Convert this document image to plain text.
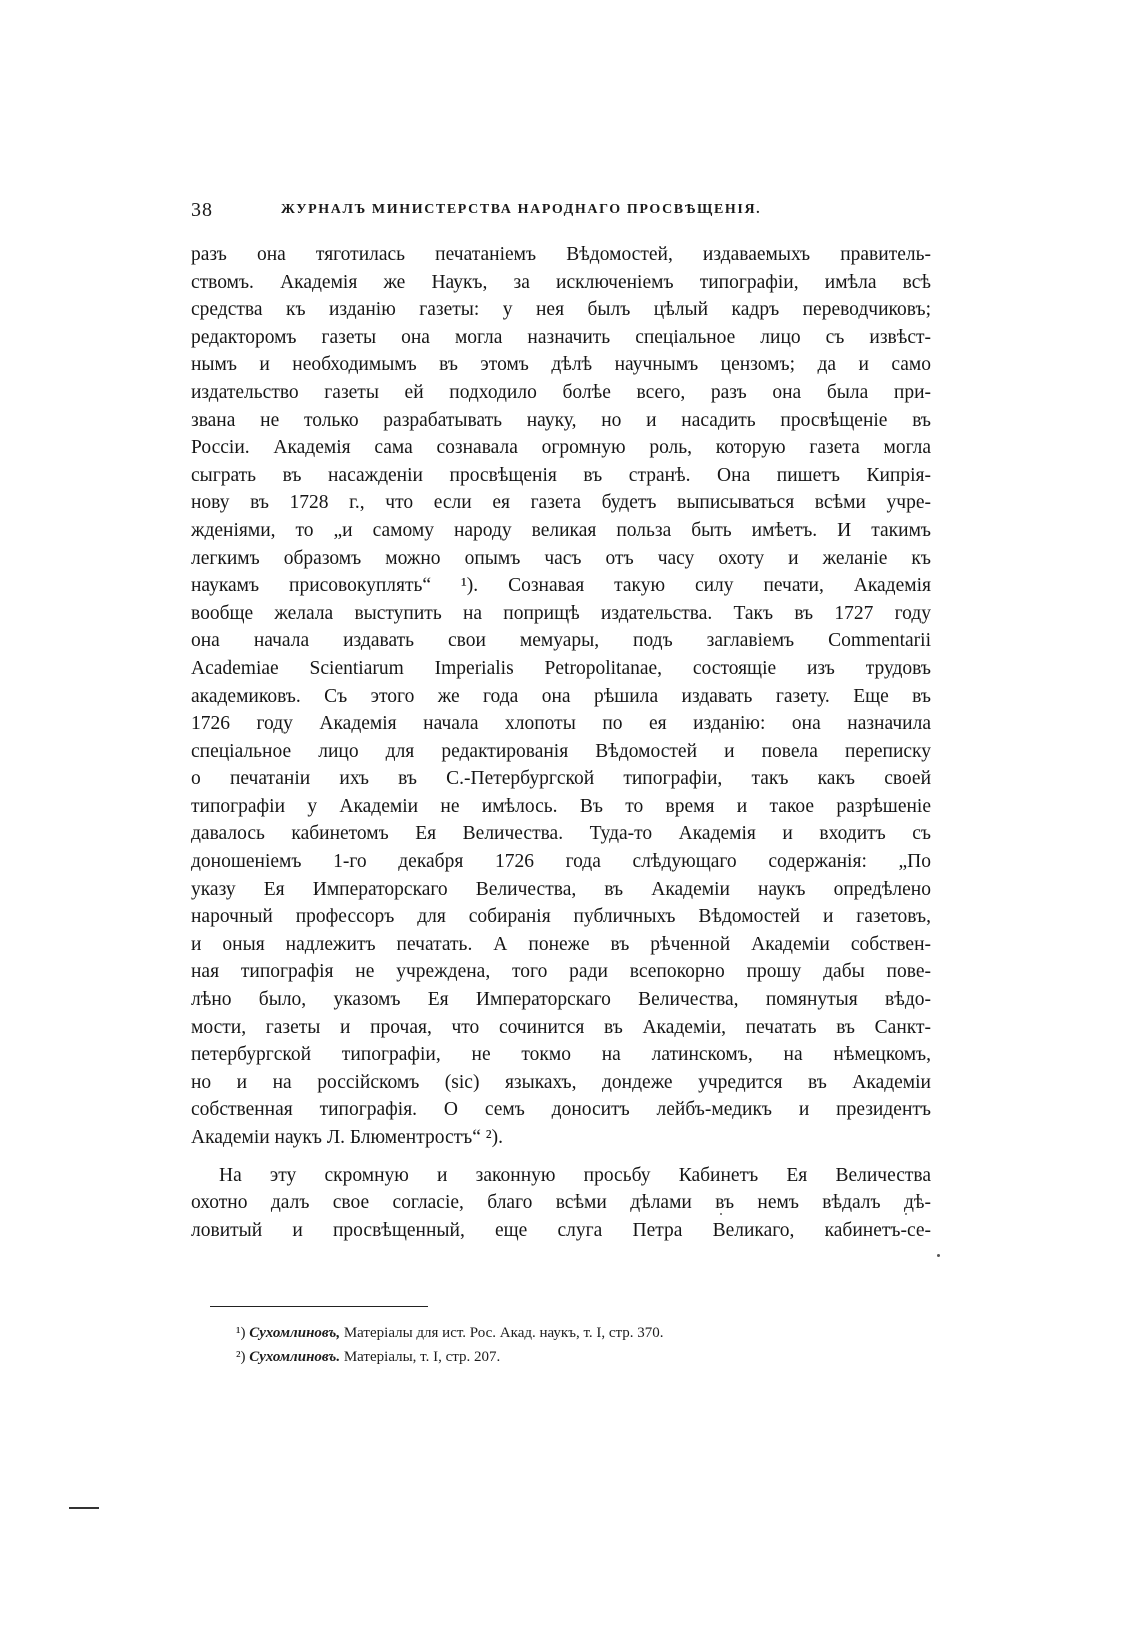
38	ЖУРНАЛЪ МИНИСТЕРСТВА НАРОДНАГО ПРОСВѢЩЕНІЯ.
разъ она тяготилась печатаніемъ Вѣдомостей, издаваемыхъ правитель-
ствомъ. Академія же Наукъ, за исключеніемъ типографіи, имѣла всѣ
средства къ изданію газеты: у нея былъ цѣлый кадръ переводчиковъ;
редакторомъ газеты она могла назначить спеціальное лицо съ извѣст-
нымъ и необходимымъ въ этомъ дѣлѣ научнымъ цензомъ; да и само
издательство газеты ей подходило болѣе всего, разъ она была при-
звана не только разрабатывать науку, но и насадить просвѣщеніе въ
Россіи. Академія сама сознавала огромную роль, которую газета могла
сыграть въ насажденіи просвѣщенія въ странѣ. Она пишетъ Кипрія-
нову въ 1728 г., что если ея газета будетъ выписываться всѣми учре-
жденіями, то „и самому народу великая польза быть имѣетъ. И такимъ
легкимъ образомъ можно опымъ часъ отъ часу охоту и желаніе къ
наукамъ присовокуплять“ ¹). Сознавая такую силу печати, Академія
вообще желала выступить на поприщѣ издательства. Такъ въ 1727 году
она начала издавать свои мемуары, подъ заглавіемъ Commentarii
Academiae Scientiarum Imperialis Petropolitanae, состоящіе изъ трудовъ
академиковъ. Съ этого же года она рѣшила издавать газету. Еще въ
1726 году Академія начала хлопоты по ея изданію: она назначила
спеціальное лицо для редактированія Вѣдомостей и повела переписку
о печатаніи ихъ въ С.-Петербургской типографіи, такъ какъ своей
типографіи у Академіи не имѣлось. Въ то время и такое разрѣшеніе
давалось кабинетомъ Ея Величества. Туда-то Академія и входитъ съ
доношеніемъ 1-го декабря 1726 года слѣдующаго содержанія: „По
указу Ея Императорскаго Величества, въ Академіи наукъ опредѣлено
нарочный профессоръ для собиранія публичныхъ Вѣдомостей и газетовъ,
и оныя надлежитъ печатать. А понеже въ рѣченной Академіи собствен-
ная типографія не учреждена, того ради всепокорно прошу дабы пове-
лѣно было, указомъ Ея Императорскаго Величества, помянутыя вѣдо-
мости, газеты и прочая, что сочинится въ Академіи, печатать въ Санкт-
петербургской типографіи, не токмо на латинскомъ, на нѣмецкомъ,
но и на россійскомъ (sic) языкахъ, дондеже учредится въ Академіи
собственная типографія. О семъ доноситъ лейбъ-медикъ и президентъ
Академіи наукъ Л. Блюментростъ“ ²).
На эту скромную и законную просьбу Кабинетъ Ея Величества
охотно далъ свое согласіе, благо всѣми дѣлами въ немъ вѣдалъ дѣ-
ловитый и просвѣщенный, еще слуга Петра Великаго, кабинетъ-се-
¹) Сухомлиновъ, Матеріалы для ист. Рос. Акад. наукъ, т. I, стр. 370.
²) Сухомлиновъ. Матеріалы, т. I, стр. 207.
